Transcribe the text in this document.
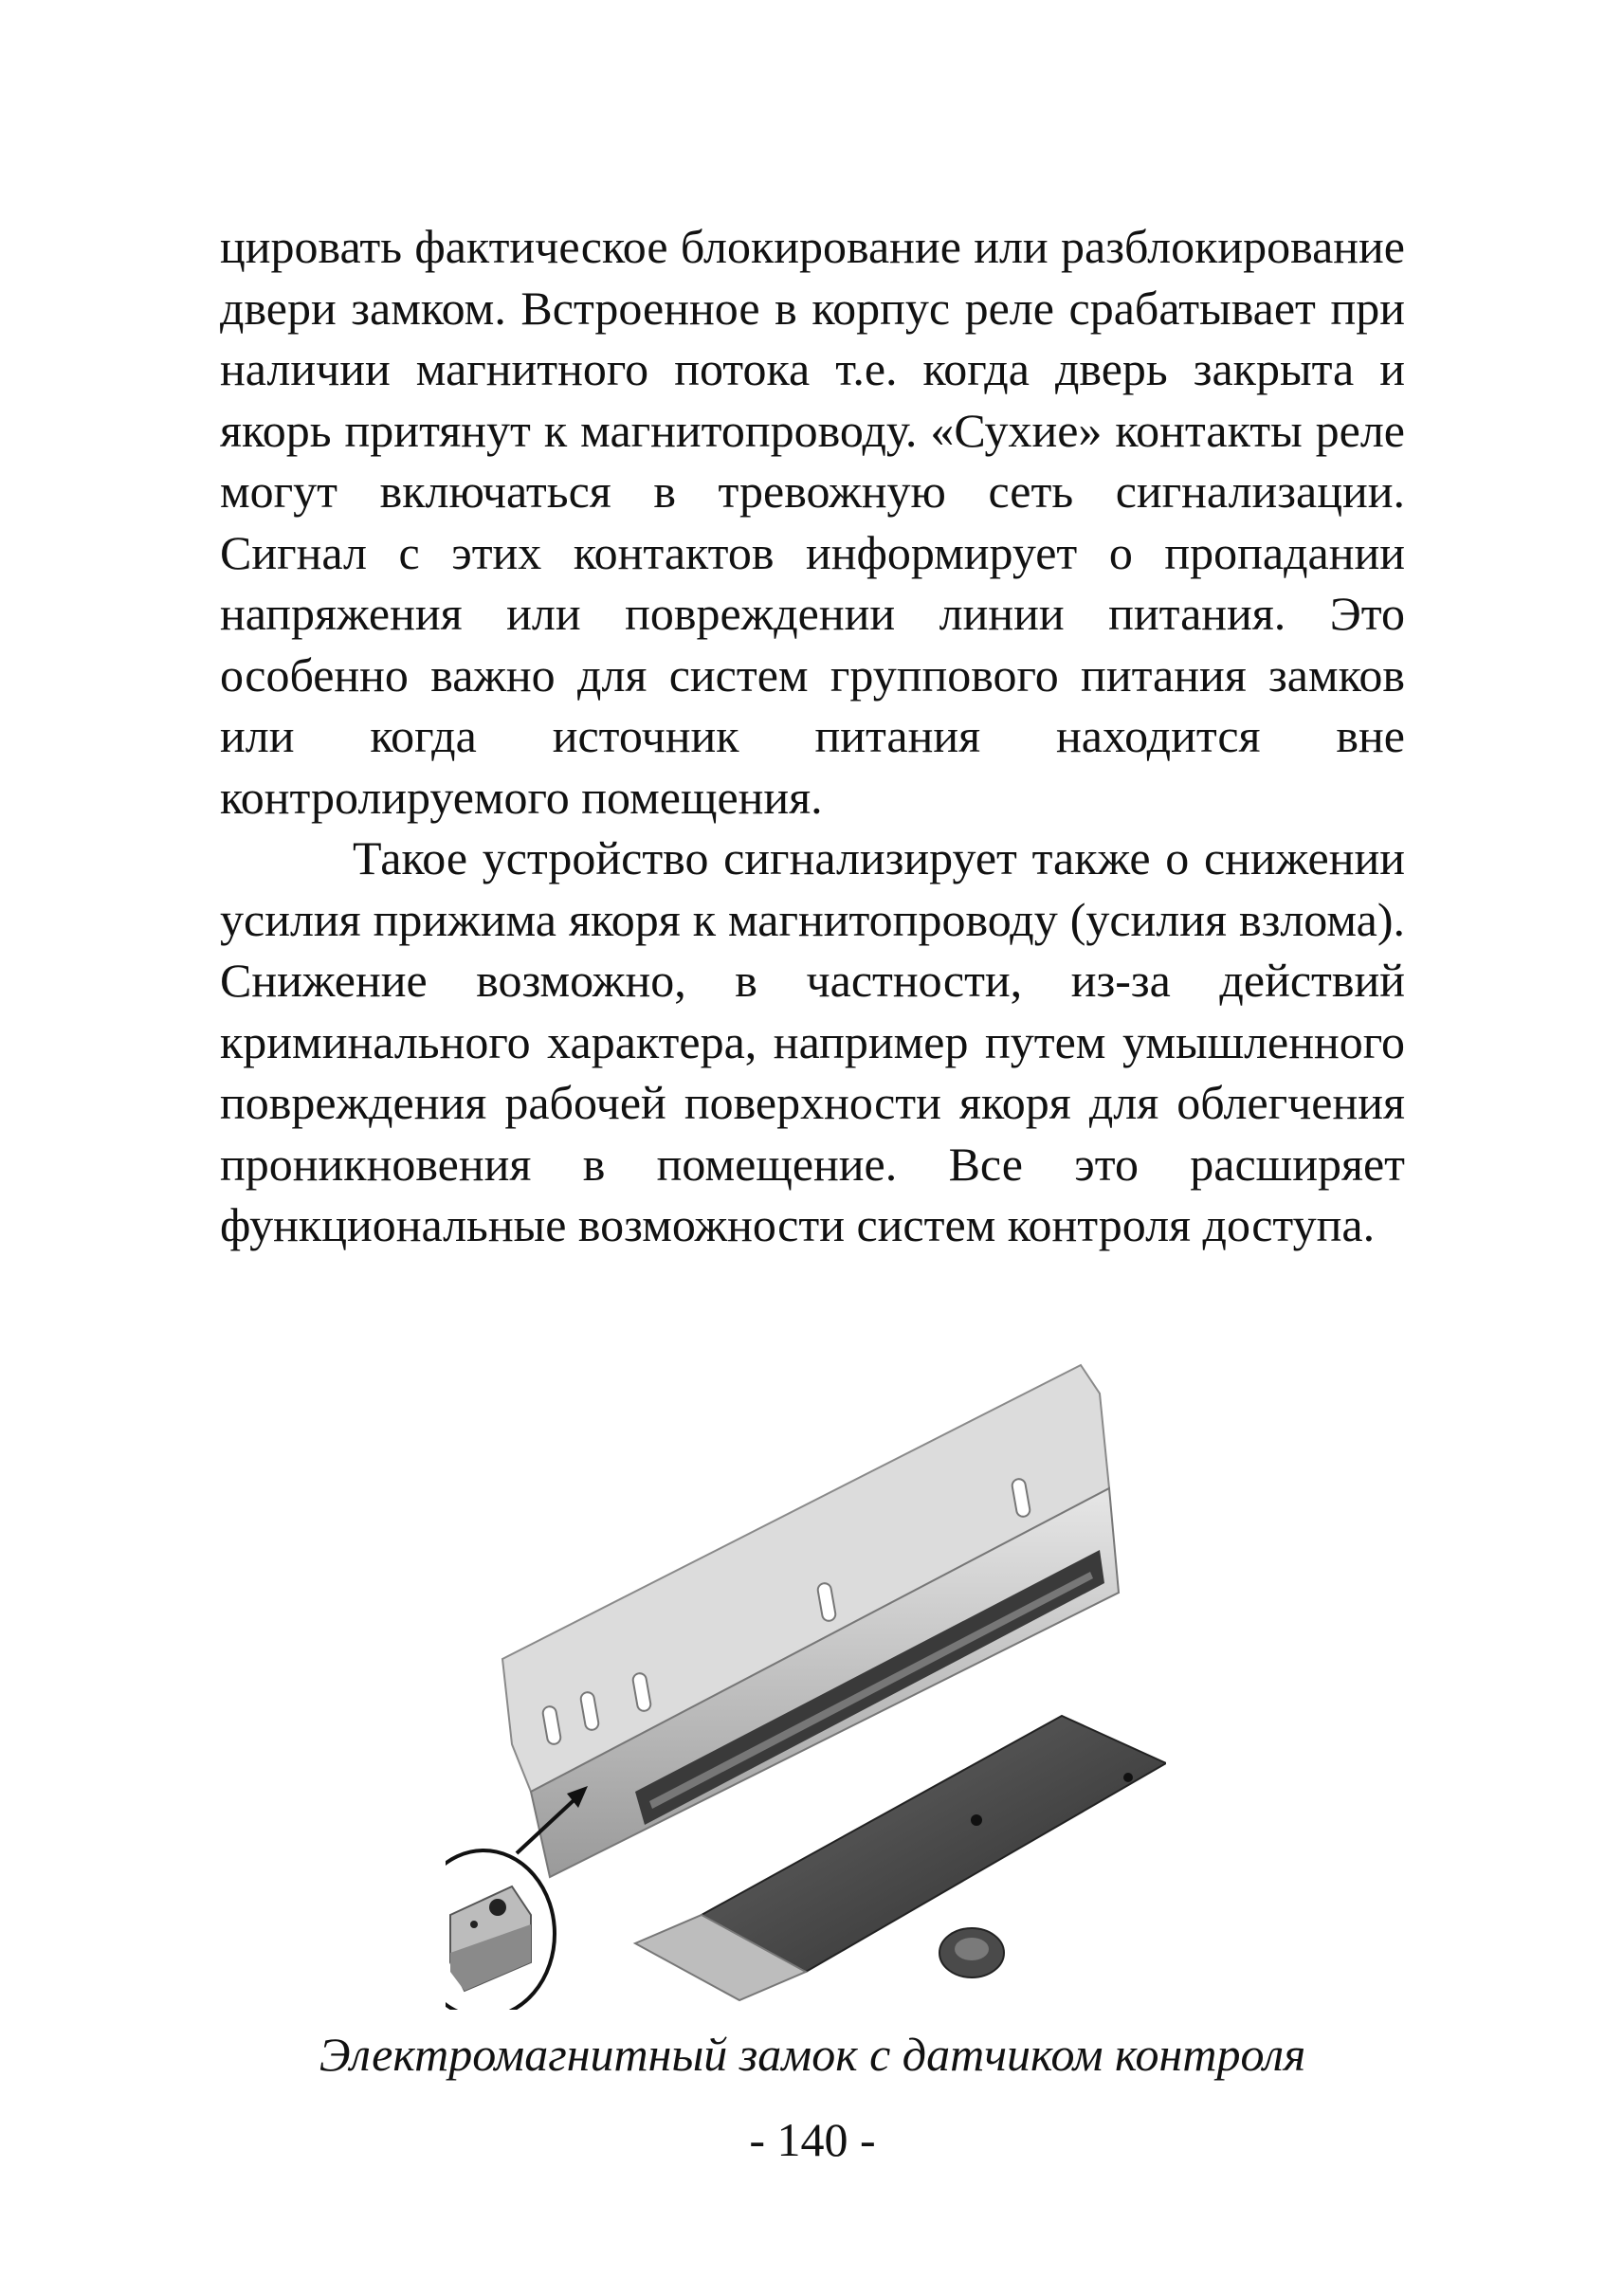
цировать фактическое блокирование или разблокирование двери замком. Встроенное в корпус реле срабатывает при наличии магнитного потока т.е. когда дверь закрыта и якорь притянут к магнитопроводу. «Сухие» контакты реле могут включаться в тревожную сеть сигнализации. Сигнал с этих контактов информирует о пропадании напряжения или повреждении линии питания. Это особенно важно для систем группового питания замков или когда источник питания находится вне контролируемого помещения.

Такое устройство сигнализирует также о снижении усилия прижима якоря к магнитопроводу (усилия взлома). Снижение возможно, в частности, из-за действий криминального характера, например путем умышленного повреждения рабочей поверхности якоря для облегчения проникновения в помещение. Все это расширяет функциональные возможности систем контроля доступа.

Электромагнитный замок с датчиком контроля
- 140 -
